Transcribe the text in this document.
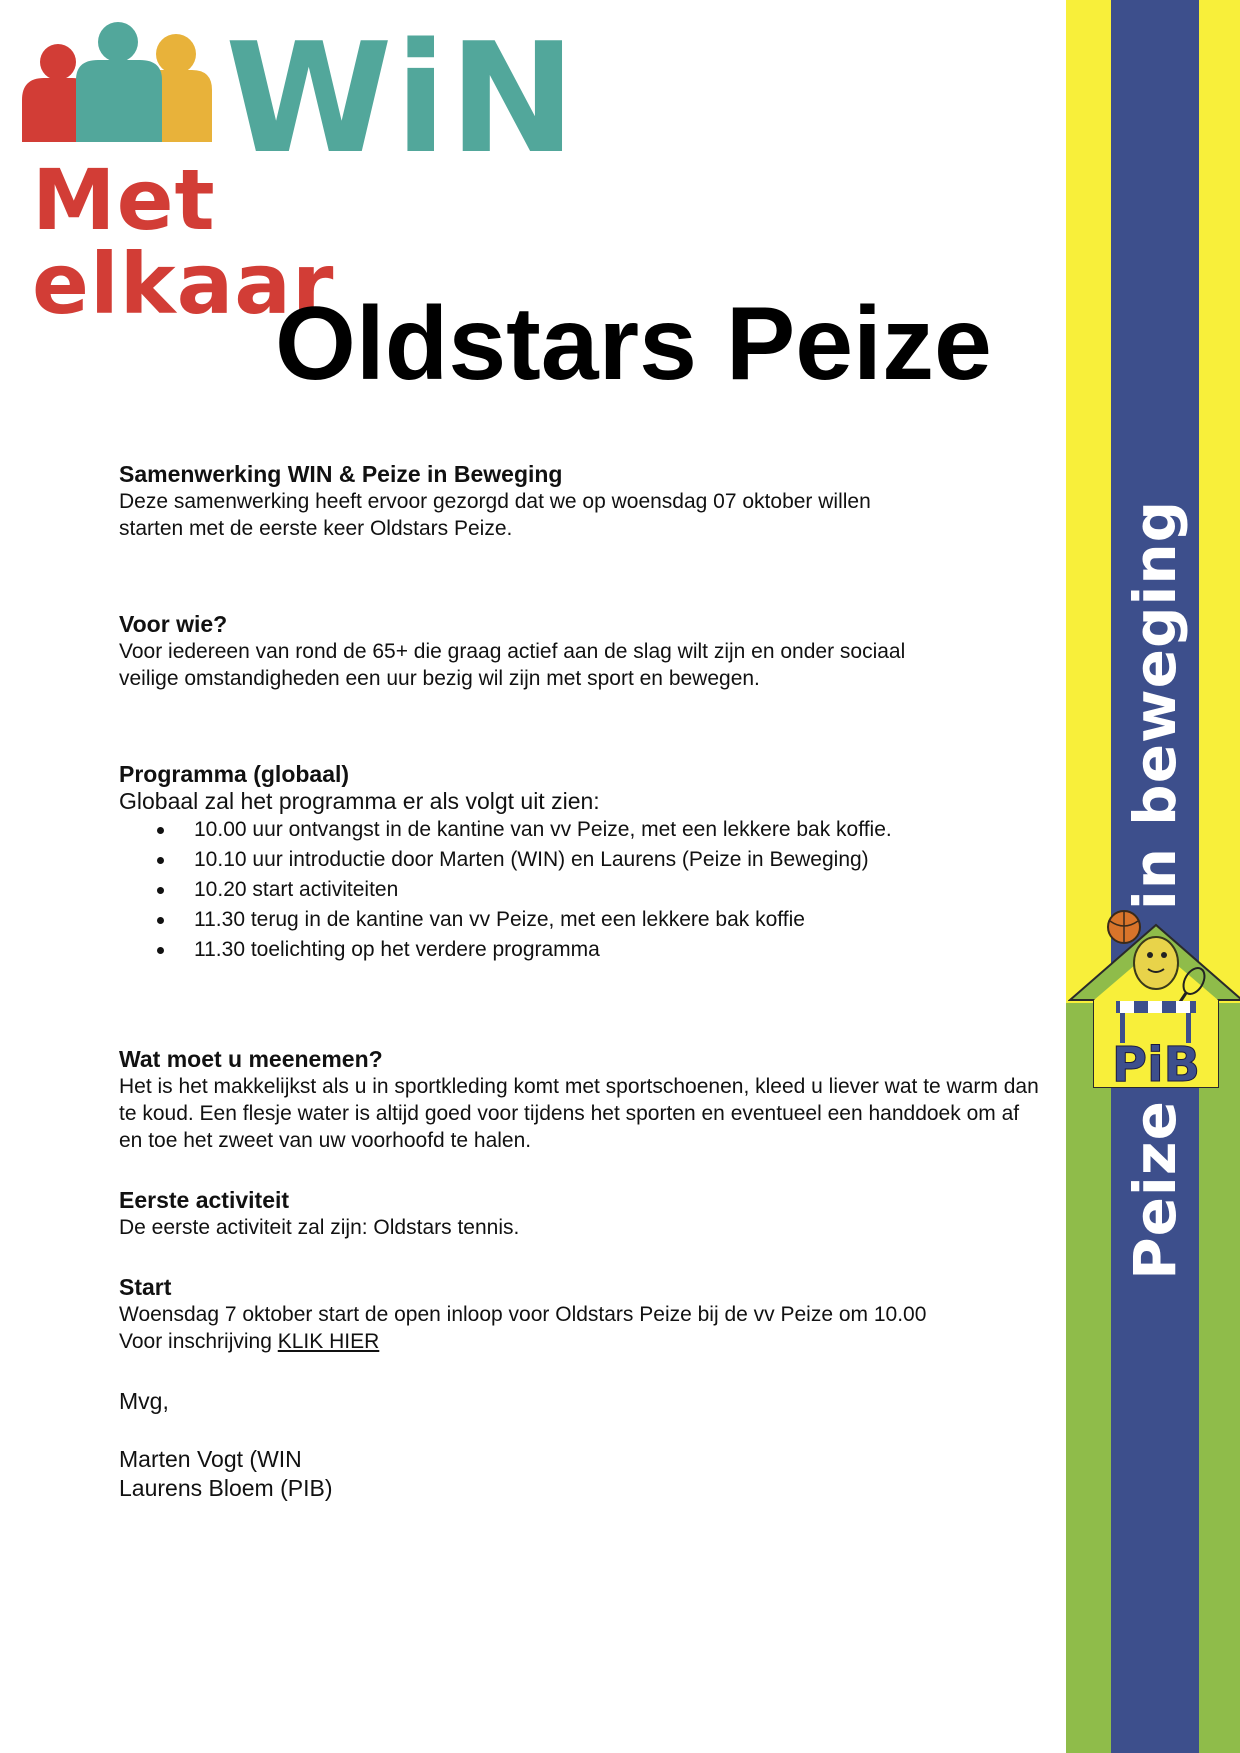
WiN
Met elkaar
Oldstars Peize
Samenwerking WIN & Peize in Beweging

Deze samenwerking heeft ervoor gezorgd dat we op woensdag 07 oktober willen

starten met de eerste keer Oldstars Peize.

Voor wie?

Voor iedereen van rond de 65+ die graag actief aan de slag wilt zijn en onder sociaal

veilige omstandigheden een uur bezig wil zijn met sport en bewegen.

Programma (globaal)

Globaal zal het programma er als volgt uit zien:

10.00 uur ontvangst in de kantine van vv Peize, met een lekkere bak koffie.
10.10 uur introductie door Marten (WIN) en Laurens (Peize in Beweging)
10.20 start activiteiten
11.30 terug in de kantine van vv Peize, met een lekkere bak koffie
11.30 toelichting op het verdere programma
Wat moet u meenemen?

Het is het makkelijkst als u in sportkleding komt met sportschoenen, kleed u liever wat te warm dan

te koud. Een flesje water is altijd goed voor tijdens het sporten en eventueel een handdoek om af

en toe het zweet van uw voorhoofd te halen.

Eerste activiteit

De eerste activiteit zal zijn: Oldstars tennis.

Start

Woensdag 7 oktober start de open inloop voor Oldstars Peize bij de vv Peize om 10.00

Voor inschrijving KLIK HIER

Mvg,

Marten Vogt (WIN

Laurens Bloem (PIB)

in beweging
Peize
PiB
